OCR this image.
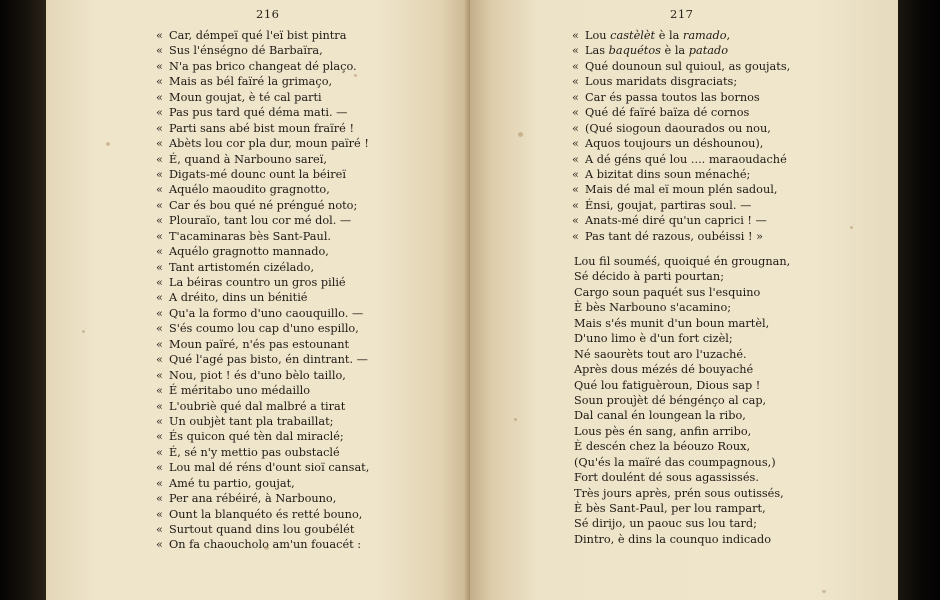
216
« Car, démpeï qué l'eï bist pintra
« Sus l'énségno dé Barbaïra,
« N'a pas brico changeat dé plaço.
« Mais as bél faïré la grimaço,
« Moun goujat, è té cal parti
« Pas pus tard qué déma mati. —
« Parti sans abé bist moun fraïré !
« Abèts lou cor pla dur, moun païré !
« É, quand à Narbouno sareï,
« Digats-mé dounc ount la béireï
« Aquélo maoudito gragnotto,
« Car és bou qué né préngué noto;
« Plouraïo, tant lou cor mé dol. —
« T'acaminaras bès Sant-Paul.
« Aquélo gragnotto mannado,
« Tant artistomén cizélado,
« La béiras countro un gros pilié
« A dréito, dins un bénitié
« Qu'a la formo d'uno caouquillo. —
« S'és coumo lou cap d'uno espillo,
« Moun païré, n'és pas estounant
« Qué l'agé pas bisto, én dintrant. —
« Nou, piot ! és d'uno bèlo taillo,
« É méritabo uno médaillo
« L'oubriè qué dal malbré a tirat
« Un oubjèt tant pla trabaillat;
« És quicon qué tèn dal miraclé;
« É, sé n'y mettio pas oubstaclé
« Lou mal dé réns d'ount sioï cansat,
« Amé tu partio, goujat,
« Per ana rébéiré, à Narbouno,
« Ount la blanquéto és retté bouno,
« Surtout quand dins lou goubélét
« On fa chaoucholo am'un fouacét :
217
« Lou castèlèt è la ramado,
« Las baquétos è la patado
« Qué dounoun sul quioul, as goujats,
« Lous maridats disgraciats;
« Car és passa toutos las bornos
« Qué dé faïré baïza dé cornos
« (Qué siogoun daourados ou nou,
« Aquos toujours un déshounou),
« A dé géns qué lou .... maraoudaché
« A bizitat dins soun ménaché;
« Mais dé mal eï moun plén sadoul,
« Énsi, goujat, partiras soul. —
« Anats-mé diré qu'un caprici ! —
« Pas tant dé razous, oubéissi ! »
Lou fil souméś, quoiqué én grougnan,
Sé décido à parti pourtan;
Cargo soun paquét sus l'esquino
È bès Narbouno s'acamino;
Mais s'és munit d'un boun martèl,
D'uno limo è d'un fort cizèl;
Né saourèts tout aro l'uzaché.
Après dous mézés dé bouyaché
Qué lou fatiguèroun, Dious sap !
Soun prouj̀èt dé béngénço al cap,
Dal canal én loungean la ribo,
Lous pès én sang, anfin arribo,
È descén chez la béouzo Roux,
(Qu'és la maïré das coumpagnous,)
Fort doulént dé sous agassissés.
Très jours après, prén sous outissés,
È bès Sant-Paul, per lou rampart,
Sé dirijo, un paouc sus lou tard;
Dintro, è dins la counquo indicado
